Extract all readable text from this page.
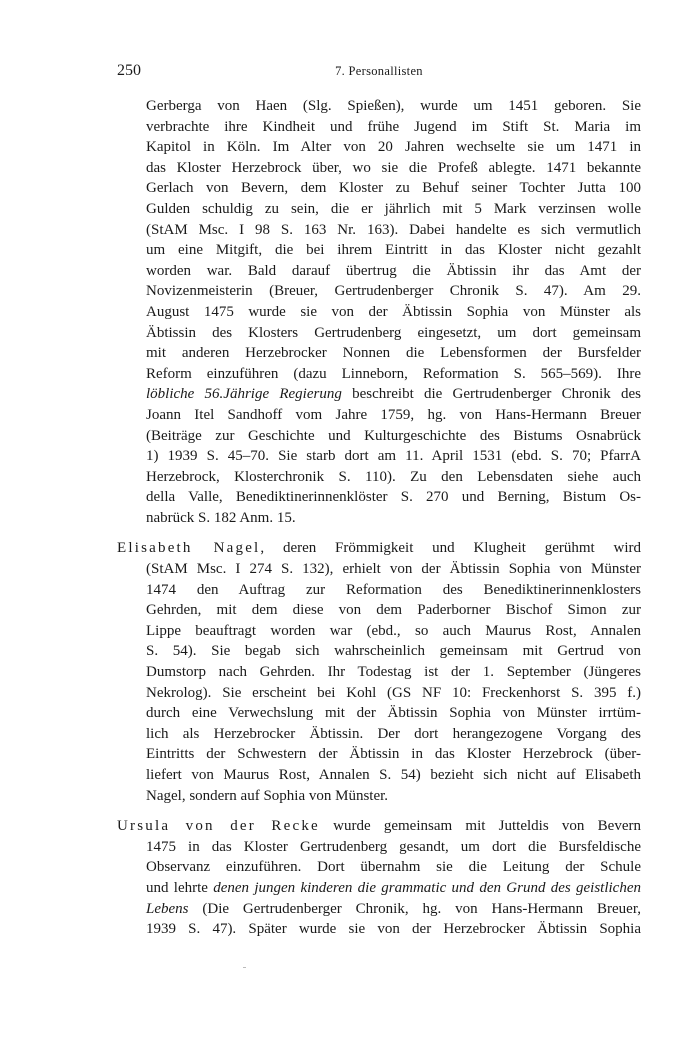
250	7. Personallisten
Gerberga von Haen (Slg. Spießen), wurde um 1451 geboren. Sie
verbrachte ihre Kindheit und frühe Jugend im Stift St. Maria im
Kapitol in Köln. Im Alter von 20 Jahren wechselte sie um 1471 in
das Kloster Herzebrock über, wo sie die Profeß ablegte. 1471 bekannte
Gerlach von Bevern, dem Kloster zu Behuf seiner Tochter Jutta 100
Gulden schuldig zu sein, die er jährlich mit 5 Mark verzinsen wolle
(StAM Msc. I 98 S. 163 Nr. 163). Dabei handelte es sich vermutlich
um eine Mitgift, die bei ihrem Eintritt in das Kloster nicht gezahlt
worden war. Bald darauf übertrug die Äbtissin ihr das Amt der
Novizenmeisterin (Breuer, Gertrudenberger Chronik S. 47). Am 29.
August 1475 wurde sie von der Äbtissin Sophia von Münster als
Äbtissin des Klosters Gertrudenberg eingesetzt, um dort gemeinsam
mit anderen Herzebrocker Nonnen die Lebensformen der Bursfelder
Reform einzuführen (dazu Linneborn, Reformation S. 565–569). Ihre
löbliche 56.Jährige Regierung beschreibt die Gertrudenberger Chronik des
Joann Itel Sandhoff vom Jahre 1759, hg. von Hans-Hermann Breuer
(Beiträge zur Geschichte und Kulturgeschichte des Bistums Osnabrück
1) 1939 S. 45–70. Sie starb dort am 11. April 1531 (ebd. S. 70; PfarrA
Herzebrock, Klosterchronik S. 110). Zu den Lebensdaten siehe auch
della Valle, Benediktinerinnenklöster S. 270 und Berning, Bistum Os-
nabrück S. 182 Anm. 15.
Elisabeth Nagel, deren Frömmigkeit und Klugheit gerühmt wird
(StAM Msc. I 274 S. 132), erhielt von der Äbtissin Sophia von Münster
1474 den Auftrag zur Reformation des Benediktinerinnenklosters
Gehrden, mit dem diese von dem Paderborner Bischof Simon zur
Lippe beauftragt worden war (ebd., so auch Maurus Rost, Annalen
S. 54). Sie begab sich wahrscheinlich gemeinsam mit Gertrud von
Dumstorp nach Gehrden. Ihr Todestag ist der 1. September (Jüngeres
Nekrolog). Sie erscheint bei Kohl (GS NF 10: Freckenhorst S. 395 f.)
durch eine Verwechslung mit der Äbtissin Sophia von Münster irrtüm-
lich als Herzebrocker Äbtissin. Der dort herangezogene Vorgang des
Eintritts der Schwestern der Äbtissin in das Kloster Herzebrock (über-
liefert von Maurus Rost, Annalen S. 54) bezieht sich nicht auf Elisabeth
Nagel, sondern auf Sophia von Münster.
Ursula von der Recke wurde gemeinsam mit Jutteldis von Bevern
1475 in das Kloster Gertrudenberg gesandt, um dort die Bursfeldische
Observanz einzuführen. Dort übernahm sie die Leitung der Schule
und lehrte denen jungen kinderen die grammatic und den Grund des geistlichen
Lebens (Die Gertrudenberger Chronik, hg. von Hans-Hermann Breuer,
1939 S. 47). Später wurde sie von der Herzebrocker Äbtissin Sophia
